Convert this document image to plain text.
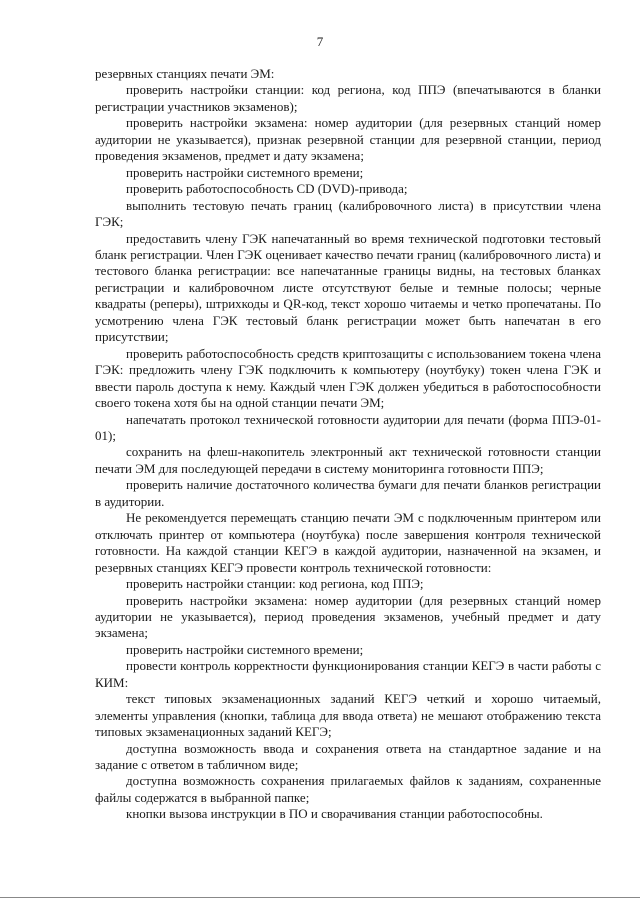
7

резервных станциях печати ЭМ:

проверить настройки станции: код региона, код ППЭ (впечатываются в бланки регистрации участников экзаменов);

проверить настройки экзамена: номер аудитории (для резервных станций номер аудитории не указывается), признак резервной станции для резервной станции, период проведения экзаменов, предмет и дату экзамена;

проверить настройки системного времени;

проверить работоспособность CD (DVD)-привода;

выполнить тестовую печать границ (калибровочного листа) в присутствии члена ГЭК;

предоставить члену ГЭК напечатанный во время технической подготовки тестовый бланк регистрации. Член ГЭК оценивает качество печати границ (калибровочного листа) и тестового бланка регистрации: все напечатанные границы видны, на тестовых бланках регистрации и калибровочном листе отсутствуют белые и темные полосы; черные квадраты (реперы), штрихкоды и QR-код, текст хорошо читаемы и четко пропечатаны. По усмотрению члена ГЭК тестовый бланк регистрации может быть напечатан в его присутствии;

проверить работоспособность средств криптозащиты с использованием токена члена ГЭК: предложить члену ГЭК подключить к компьютеру (ноутбуку) токен члена ГЭК и ввести пароль доступа к нему. Каждый член ГЭК должен убедиться в работоспособности своего токена хотя бы на одной станции печати ЭМ;

напечатать протокол технической готовности аудитории для печати (форма ППЭ-01-01);

сохранить на флеш-накопитель электронный акт технической готовности станции печати ЭМ для последующей передачи в систему мониторинга готовности ППЭ;

проверить наличие достаточного количества бумаги для печати бланков регистрации в аудитории.

Не рекомендуется перемещать станцию печати ЭМ с подключенным принтером или отключать принтер от компьютера (ноутбука) после завершения контроля технической готовности. На каждой станции КЕГЭ в каждой аудитории, назначенной на экзамен, и резервных станциях КЕГЭ провести контроль технической готовности:

проверить настройки станции: код региона, код ППЭ;

проверить настройки экзамена: номер аудитории (для резервных станций номер аудитории не указывается), период проведения экзаменов, учебный предмет и дату экзамена;

проверить настройки системного времени;

провести контроль корректности функционирования станции КЕГЭ в части работы с КИМ:

текст типовых экзаменационных заданий КЕГЭ четкий и хорошо читаемый, элементы управления (кнопки, таблица для ввода ответа) не мешают отображению текста типовых экзаменационных заданий КЕГЭ;

доступна возможность ввода и сохранения ответа на стандартное задание и на задание с ответом в табличном виде;

доступна возможность сохранения прилагаемых файлов к заданиям, сохраненные файлы содержатся в выбранной папке;

кнопки вызова инструкции в ПО и сворачивания станции работоспособны.
